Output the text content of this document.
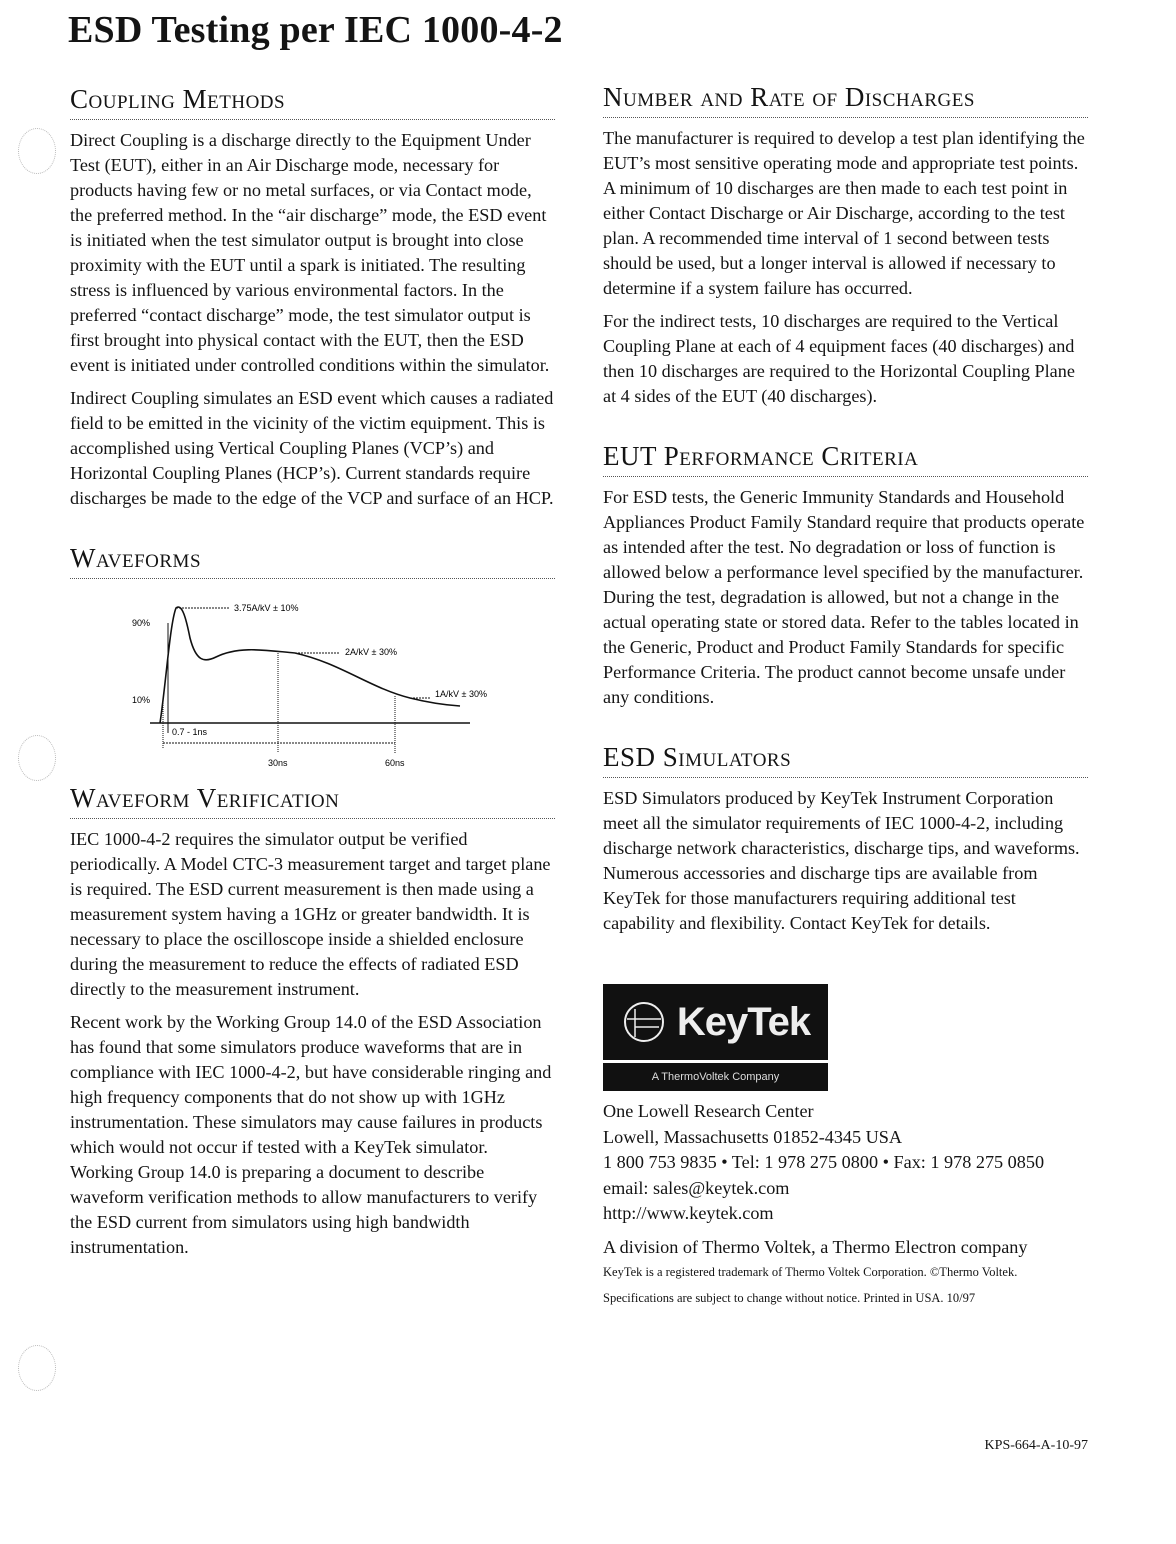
ESD Testing per IEC 1000-4-2
Coupling Methods

Direct Coupling is a discharge directly to the Equipment Under Test (EUT), either in an Air Discharge mode, necessary for products having few or no metal surfaces, or via Contact mode, the preferred method. In the “air discharge” mode, the ESD event is initiated when the test simulator output is brought into close proximity with the EUT until a spark is initiated. The resulting stress is influenced by various environmental factors. In the preferred “contact discharge” mode, the test simulator output is first brought into physical contact with the EUT, then the ESD event is initiated under controlled conditions within the simulator.

Indirect Coupling simulates an ESD event which causes a radiated field to be emitted in the vicinity of the victim equipment. This is accomplished using Vertical Coupling Planes (VCP’s) and Horizontal Coupling Planes (HCP’s). Current standards require discharges be made to the edge of the VCP and surface of an HCP.

Waveforms
3.75A/kV ± 10%
90%
10%
2A/kV ± 30%
1A/kV ± 30%
0.7 - 1ns
30ns	60ns
Waveform Verification

IEC 1000-4-2 requires the simulator output be verified periodically. A Model CTC-3 measurement target and target plane is required. The ESD current measurement is then made using a measurement system having a 1GHz or greater bandwidth. It is necessary to place the oscilloscope inside a shielded enclosure during the measurement to reduce the effects of radiated ESD directly to the measurement instrument.

Recent work by the Working Group 14.0 of the ESD Association has found that some simulators produce waveforms that are in compliance with IEC 1000-4-2, but have considerable ringing and high frequency components that do not show up with 1GHz instrumentation. These simulators may cause failures in products which would not occur if tested with a KeyTek simulator. Working Group 14.0 is preparing a document to describe waveform verification methods to allow manufacturers to verify the ESD current from simulators using high bandwidth instrumentation.

Number and Rate of Discharges

The manufacturer is required to develop a test plan identifying the EUT’s most sensitive operating mode and appropriate test points. A minimum of 10 discharges are then made to each test point in either Contact Discharge or Air Discharge, according to the test plan. A recommended time interval of 1 second between tests should be used, but a longer interval is allowed if necessary to determine if a system failure has occurred.

For the indirect tests, 10 discharges are required to the Vertical Coupling Plane at each of 4 equipment faces (40 discharges) and then 10 discharges are required to the Horizontal Coupling Plane at 4 sides of the EUT (40 discharges).

EUT Performance Criteria

For ESD tests, the Generic Immunity Standards and Household Appliances Product Family Standard require that products operate as intended after the test. No degradation or loss of function is allowed below a performance level specified by the manufacturer. During the test, degradation is allowed, but not a change in the actual operating state or stored data. Refer to the tables located in the Generic, Product and Product Family Standards for specific Performance Criteria. The product cannot become unsafe under any conditions.

ESD Simulators

ESD Simulators produced by KeyTek Instrument Corporation meet all the simulator requirements of IEC 1000-4-2, including discharge network characteristics, discharge tips, and waveforms. Numerous accessories and discharge tips are available from KeyTek for those manufacturers requiring additional test capability and flexibility. Contact KeyTek for details.

KeyTek
A ThermoVoltek Company

One Lowell Research Center

Lowell, Massachusetts 01852-4345 USA

1 800 753 9835 • Tel: 1 978 275 0800 • Fax: 1 978 275 0850

email: sales@keytek.com

http://www.keytek.com

A division of Thermo Voltek, a Thermo Electron company

KeyTek is a registered trademark of Thermo Voltek Corporation. ©Thermo Voltek.

Specifications are subject to change without notice. Printed in USA. 10/97

KPS-664-A-10-97
